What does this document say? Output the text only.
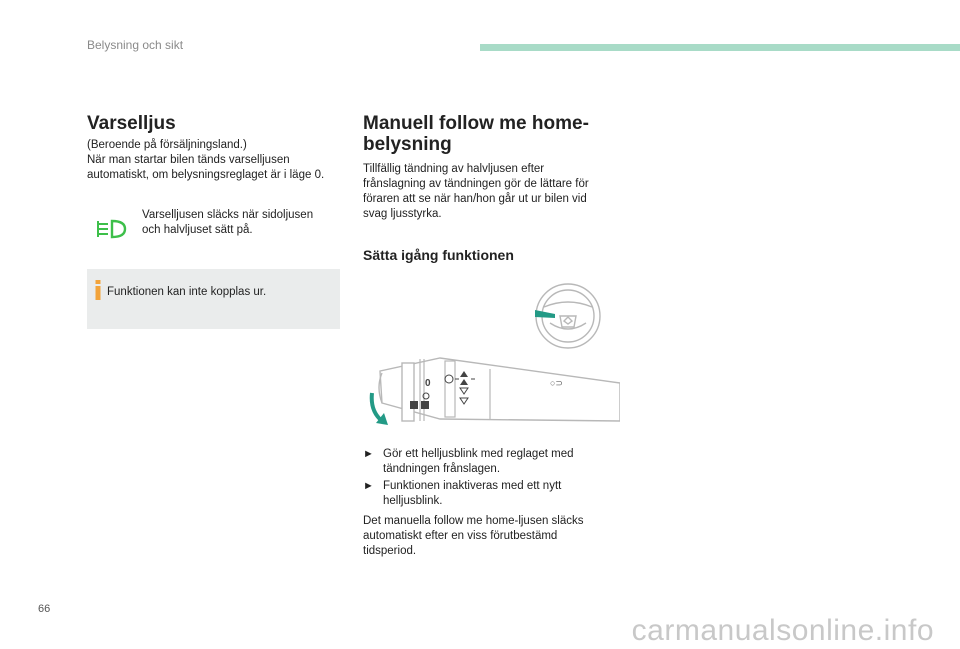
Belysning och sikt
Varselljus
(Beroende på försäljningsland.)
När man startar bilen tänds varselljusen automatiskt, om belysningsreglaget är i läge 0.
Varselljusen släcks när sidoljusen och halvljuset sätt på.
Funktionen kan inte kopplas ur.
Manuell follow me home-
belysning
Tillfällig tändning av halvljusen efter frånslagning av tändningen gör de lättare för föraren att se när han/hon går ut ur bilen vid svag ljusstyrka.
Sätta igång funktionen
0	○⊃
► Gör ett helljusblink med reglaget med tändningen frånslagen.
► Funktionen inaktiveras med ett nytt helljusblink.
Det manuella follow me home-ljusen släcks automatiskt efter en viss förutbestämd tidsperiod.
66
carmanualsonline.info
